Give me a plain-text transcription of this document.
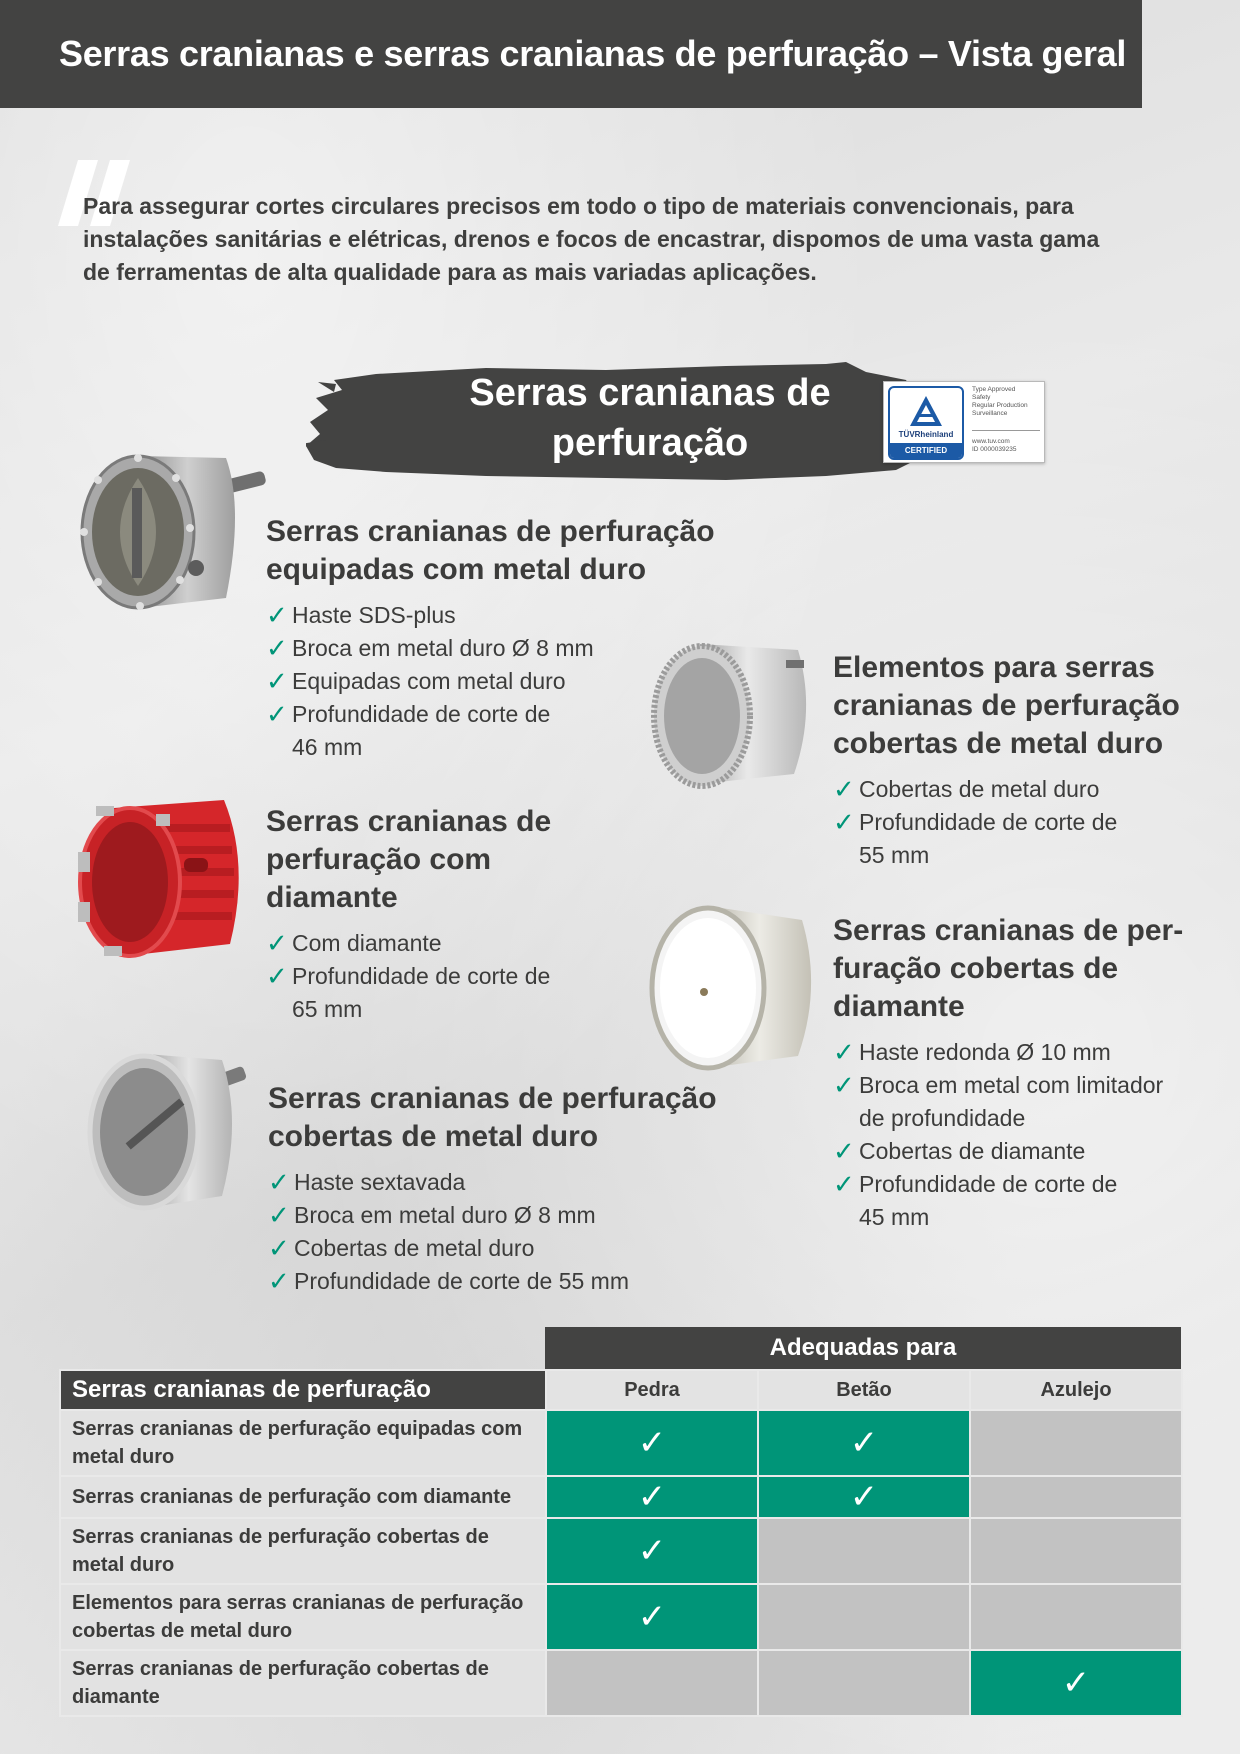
Serras cranianas e serras cranianas de perfuração – Vista geral

Para assegurar cortes circulares precisos em todo o tipo de materiais convencionais, para instalações sanitárias e elétricas, drenos e focos de encastrar, dispomos de uma vasta gama de ferramentas de alta qualidade para as mais variadas aplicações.

Serras cranianas de
perfuração	TÜVRheinland
CERTIFIED
Type Approved
Safety
Regular Production
Surveillance
www.tuv.com
ID 0000039235
Serras cranianas de perfuração
equipadas com metal duro
✓ Haste SDS-plus
✓ Broca em metal duro Ø 8 mm
✓ Equipadas com metal duro
✓ Profundidade de corte de
46 mm
Serras cranianas de
perfuração com
diamante
✓ Com diamante
✓ Profundidade de corte de
65 mm
Serras cranianas de perfuração
cobertas de metal duro
✓ Haste sextavada
✓ Broca em metal duro Ø 8 mm
✓ Cobertas de metal duro
✓ Profundidade de corte de 55 mm
Elementos para serras
cranianas de perfuração
cobertas de metal duro
✓ Cobertas de metal duro
✓ Profundidade de corte de
55 mm
Serras cranianas de per-
furação cobertas de
diamante
✓ Haste redonda Ø 10 mm
✓ Broca em metal com limitador
de profundidade
✓ Cobertas de diamante
✓ Profundidade de corte de
45 mm
Adequadas para
Serras cranianas de perfuração	Pedra	Betão	Azulejo
Serras cranianas de perfuração equipadas com metal duro	✓	✓	
Serras cranianas de perfuração com diamante	✓	✓	
Serras cranianas de perfuração cobertas de metal duro	✓		
Elementos para serras cranianas de perfuração cobertas de metal duro	✓		
Serras cranianas de perfuração cobertas de diamante			✓
